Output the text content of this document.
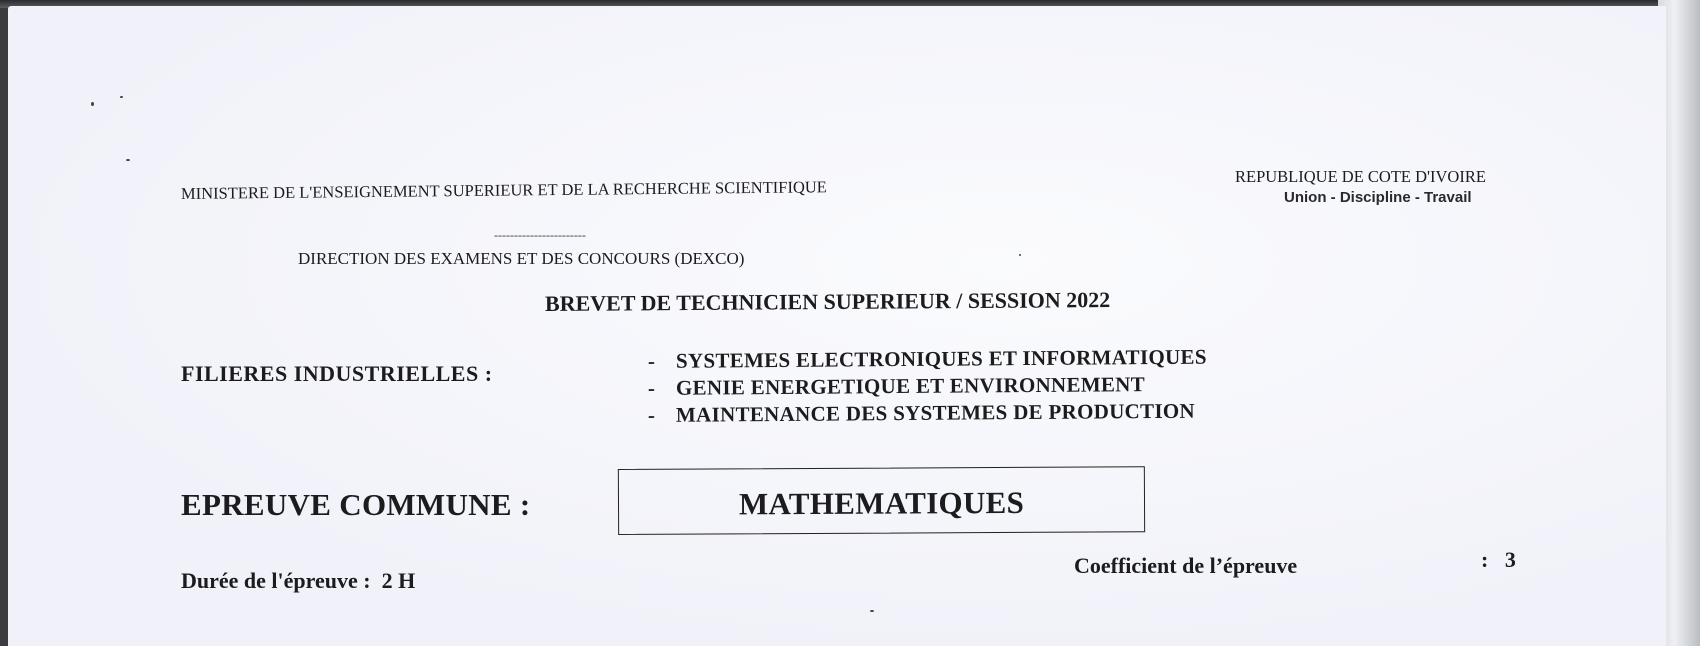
MINISTERE DE L'ENSEIGNEMENT SUPERIEUR ET DE LA RECHERCHE SCIENTIFIQUE
REPUBLIQUE DE COTE D'IVOIRE
Union - Discipline - Travail
-----------------------
DIRECTION DES EXAMENS ET DES CONCOURS (DEXCO)
BREVET DE TECHNICIEN SUPERIEUR / SESSION 2022
FILIERES INDUSTRIELLES :
- SYSTEMES ELECTRONIQUES ET INFORMATIQUES
- GENIE ENERGETIQUE ET ENVIRONNEMENT
- MAINTENANCE DES SYSTEMES DE PRODUCTION
EPREUVE COMMUNE :	MATHEMATIQUES
Durée de l'épreuve : 2 H
Coefficient de l’épreuve	: 3
